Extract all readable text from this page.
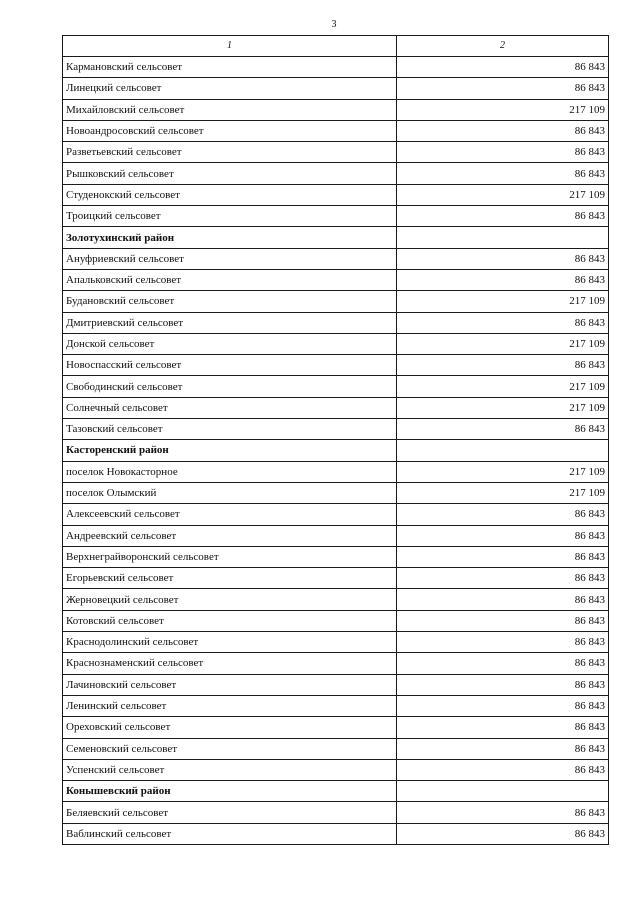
3
1	2
Кармановский сельсовет	86 843
Линецкий сельсовет	86 843
Михайловский сельсовет	217 109
Новоандросовский сельсовет	86 843
Разветьевский сельсовет	86 843
Рышковский сельсовет	86 843
Студенокский сельсовет	217 109
Троицкий сельсовет	86 843
Золотухинский район	
Ануфриевский сельсовет	86 843
Апальковский сельсовет	86 843
Будановский сельсовет	217 109
Дмитриевский сельсовет	86 843
Донской сельсовет	217 109
Новоспасский сельсовет	86 843
Свободинский сельсовет	217 109
Солнечный сельсовет	217 109
Тазовский сельсовет	86 843
Касторенский район	
поселок Новокасторное	217 109
поселок Олымский	217 109
Алексеевский сельсовет	86 843
Андреевский сельсовет	86 843
Верхнеграйворонский сельсовет	86 843
Егорьевский сельсовет	86 843
Жерновецкий сельсовет	86 843
Котовский сельсовет	86 843
Краснодолинский сельсовет	86 843
Краснознаменский сельсовет	86 843
Лачиновский сельсовет	86 843
Ленинский сельсовет	86 843
Ореховский сельсовет	86 843
Семеновский сельсовет	86 843
Успенский сельсовет	86 843
Конышевский район	
Беляевский сельсовет	86 843
Ваблинский сельсовет	86 843
